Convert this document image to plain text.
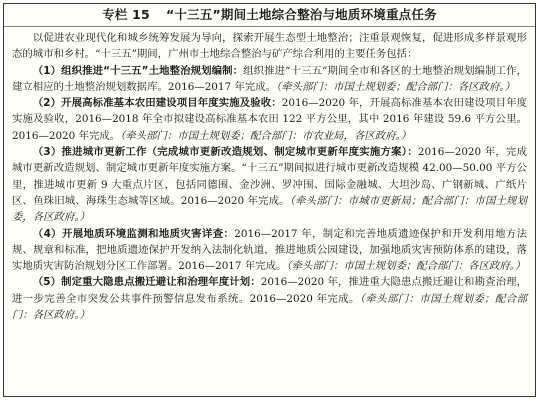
专栏 15 “十三五”期间土地综合整治与地质环境重点任务

以促进农业现代化和城乡统筹发展为导向，探索开展生态型土地整治；注重景观恢复，促进形成多样景观形态的城市和乡村。“十三五”期间，广州市土地综合整治与矿产综合利用的主要任务包括：

（1）组织推进“十三五”土地整治规划编制：组织推进“十三五”期间全市和各区的土地整治规划编制工作，建立相应的土地整治规划数据库。2016—2017 年完成。（牵头部门：市国土规划委；配合部门：各区政府。）

（2）开展高标准基本农田建设项目年度实施及验收：2016—2020 年，开展高标准基本农田建设项目年度实施及验收，2016—2018 年全市拟建设高标准基本农田 122 平方公里，其中 2016 年建设 59.6 平方公里。2016—2020 年完成。（牵头部门：市国土规划委；配合部门：市农业局，各区政府。）

（3）推进城市更新工作（完成城市更新改造规划、制定城市更新年度实施方案）：2016—2020 年，完成城市更新改造规划、制定城市更新年度实施方案。“十三五”期间拟进行城市更新改造规模 42.00—50.00 平方公里，推进城市更新 9 大重点片区，包括同德围、金沙洲、罗冲围、国际金融城、大坦沙岛、广钢新城、广纸片区、鱼珠旧城、海珠生态城等区域。2016—2020 年完成。（牵头部门：市城市更新局；配合部门：市国土规划委，各区政府。）

（4）开展地质环境监测和地质灾害详查：2016—2017 年，制定和完善地质遗迹保护和开发利用地方法规、规章和标准，把地质遗迹保护开发纳入法制化轨道，推进地质公园建设，加强地质灾害预防体系的建设，落实地质灾害防治规划分区工作部署。2016—2017 年完成。（牵头部门：市国土规划委；配合部门：各区政府。）

（5）制定重大隐患点搬迁避让和治理年度计划：2016—2020 年，推进重大隐患点搬迁避让和勘查治理，进一步完善全市突发公共事件预警信息发布系统。2016—2020 年完成。（牵头部门：市国土规划委；配合部门：各区政府。）
